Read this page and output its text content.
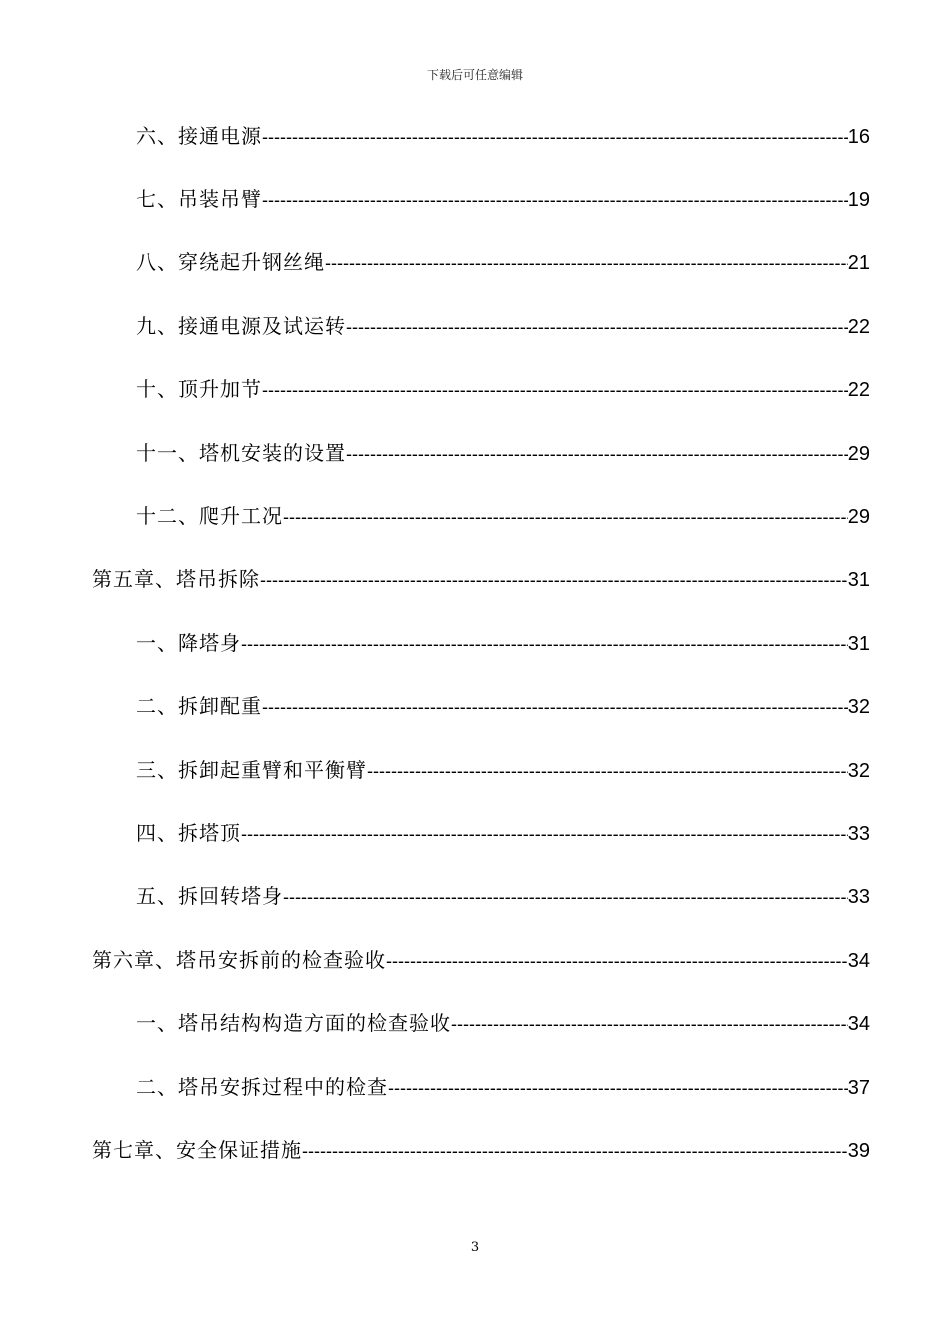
下载后可任意编辑
六、接通电源 -----	16
七、吊装吊臂 -----	19
八、穿绕起升钢丝绳 -----	21
九、接通电源及试运转 -----	22
十、顶升加节 -----	22
十一、塔机安装的设置 -----	29
十二、爬升工况 -----	29
第五章、塔吊拆除 -----	31
一、降塔身 -----	31
二、拆卸配重 -----	32
三、拆卸起重臂和平衡臂 -----	32
四、拆塔顶 -----	33
五、拆回转塔身 -----	33
第六章、塔吊安拆前的检查验收 -----	34
一、塔吊结构构造方面的检查验收 -----	34
二、塔吊安拆过程中的检查 -----	37
第七章、安全保证措施 -----	39
3
